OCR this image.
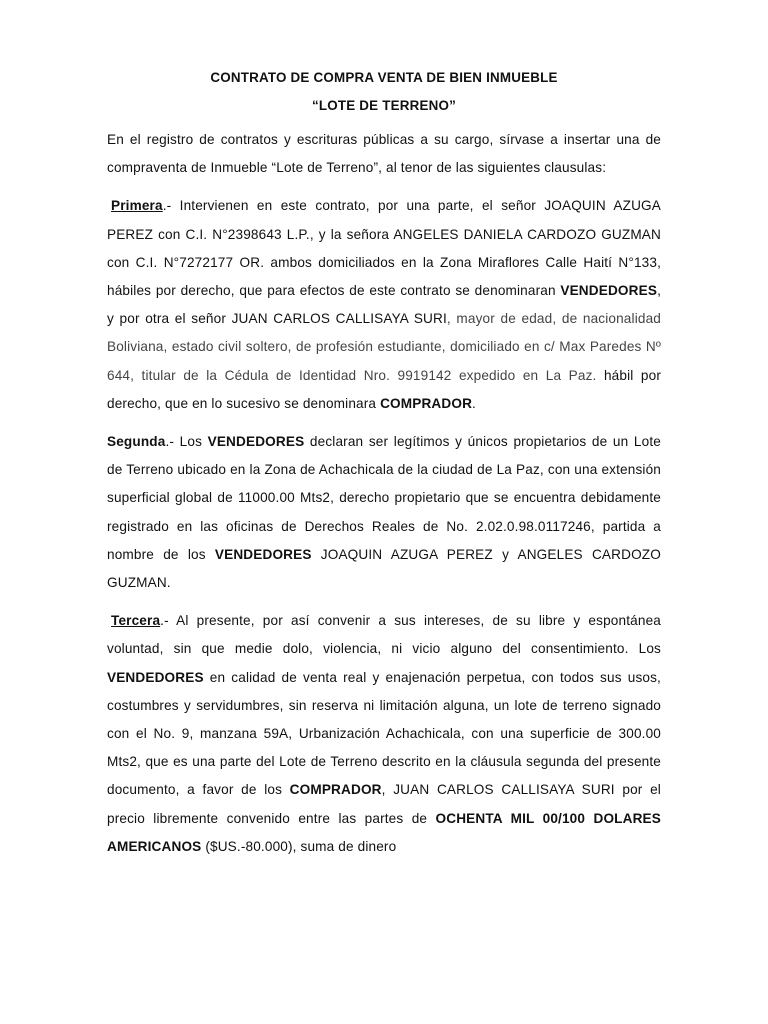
CONTRATO DE COMPRA VENTA DE BIEN INMUEBLE
“LOTE DE TERRENO”

En el registro de contratos y escrituras públicas a su cargo, sírvase a insertar una de compraventa de Inmueble “Lote de Terreno”, al tenor de las siguientes clausulas:

Primera.- Intervienen en este contrato, por una parte, el señor JOAQUIN AZUGA PEREZ con C.I. N°2398643 L.P., y la señora ANGELES DANIELA CARDOZO GUZMAN con C.I. N°7272177 OR. ambos domiciliados en la Zona Miraflores Calle Haití N°133, hábiles por derecho, que para efectos de este contrato se denominaran VENDEDORES, y por otra el señor JUAN CARLOS CALLISAYA SURI, mayor de edad, de nacionalidad Boliviana, estado civil soltero, de profesión estudiante, domiciliado en c/ Max Paredes Nº 644, titular de la Cédula de Identidad Nro. 9919142 expedido en La Paz. hábil por derecho, que en lo sucesivo se denominara COMPRADOR.

Segunda.- Los VENDEDORES declaran ser legítimos y únicos propietarios de un Lote de Terreno ubicado en la Zona de Achachicala de la ciudad de La Paz, con una extensión superficial global de 11000.00 Mts2, derecho propietario que se encuentra debidamente registrado en las oficinas de Derechos Reales de No. 2.02.0.98.0117246, partida a nombre de los VENDEDORES JOAQUIN AZUGA PEREZ y ANGELES CARDOZO GUZMAN.

Tercera.- Al presente, por así convenir a sus intereses, de su libre y espontánea voluntad, sin que medie dolo, violencia, ni vicio alguno del consentimiento. Los VENDEDORES en calidad de venta real y enajenación perpetua, con todos sus usos, costumbres y servidumbres, sin reserva ni limitación alguna, un lote de terreno signado con el No. 9, manzana 59A, Urbanización Achachicala, con una superficie de 300.00 Mts2, que es una parte del Lote de Terreno descrito en la cláusula segunda del presente documento, a favor de los COMPRADOR, JUAN CARLOS CALLISAYA SURI por el precio libremente convenido entre las partes de OCHENTA MIL 00/100 DOLARES AMERICANOS ($US.-80.000), suma de dinero
